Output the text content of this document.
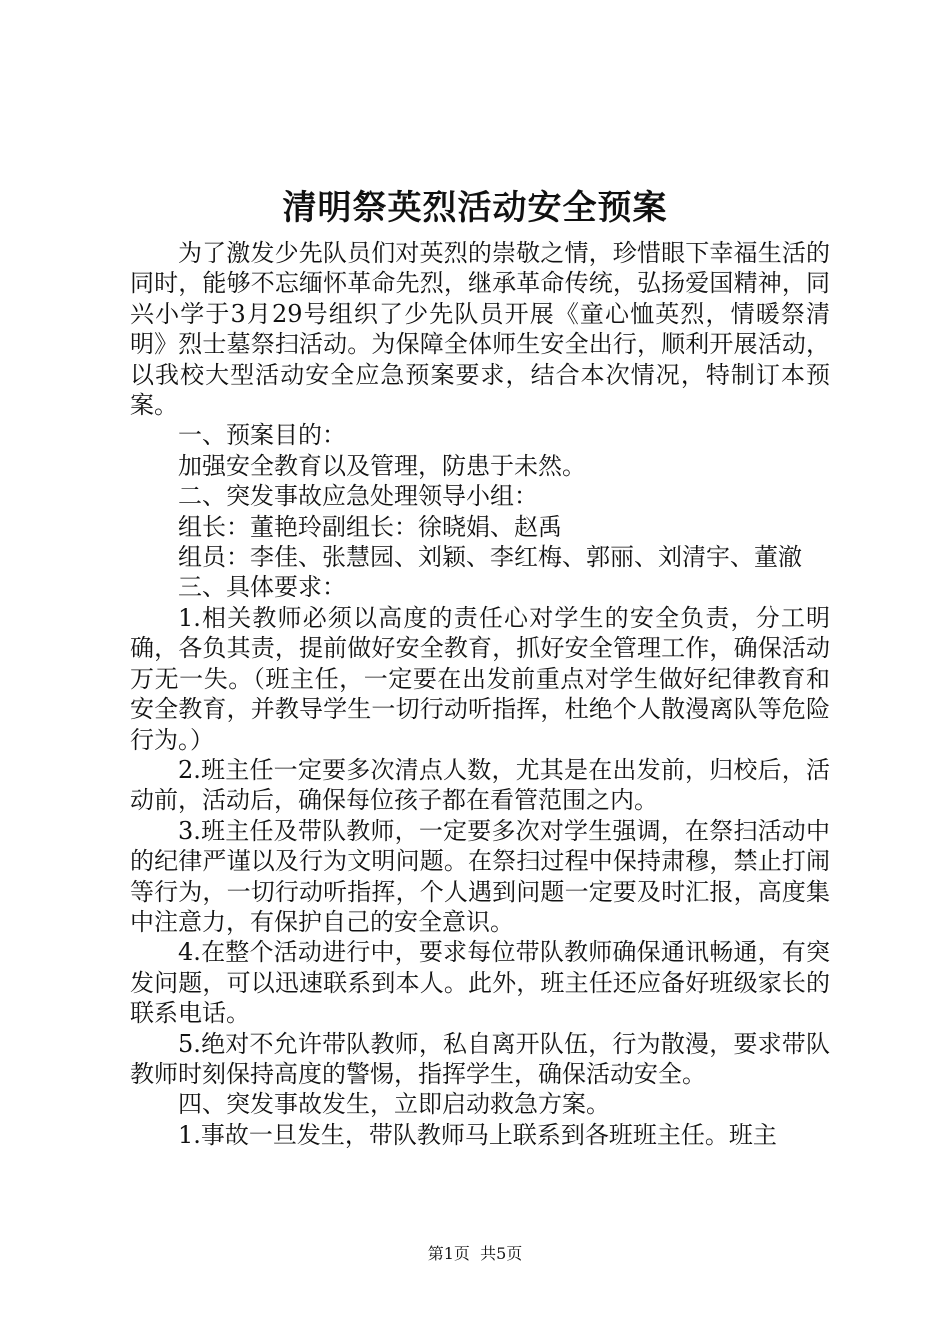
清明祭英烈活动安全预案

为了激发少先队员们对英烈的崇敬之情，珍惜眼下幸福生活的同时，能够不忘缅怀革命先烈，继承革命传统，弘扬爱国精神，同兴小学于3月29号组织了少先队员开展《童心恤英烈，情暖祭清明》烈士墓祭扫活动。为保障全体师生安全出行，顺利开展活动，以我校大型活动安全应急预案要求，结合本次情况，特制订本预案。

一、预案目的：

加强安全教育以及管理，防患于未然。

二、突发事故应急处理领导小组：

组长：董艳玲副组长：徐晓娟、赵禹

组员：李佳、张慧园、刘颖、李红梅、郭丽、刘清宇、董澈

三、具体要求：

1.相关教师必须以高度的责任心对学生的安全负责，分工明确，各负其责，提前做好安全教育，抓好安全管理工作，确保活动万无一失。（班主任，一定要在出发前重点对学生做好纪律教育和安全教育，并教导学生一切行动听指挥，杜绝个人散漫离队等危险行为。）

2.班主任一定要多次清点人数，尤其是在出发前，归校后，活动前，活动后，确保每位孩子都在看管范围之内。

3.班主任及带队教师，一定要多次对学生强调，在祭扫活动中的纪律严谨以及行为文明问题。在祭扫过程中保持肃穆，禁止打闹等行为，一切行动听指挥，个人遇到问题一定要及时汇报，高度集中注意力，有保护自己的安全意识。

4.在整个活动进行中，要求每位带队教师确保通讯畅通，有突发问题，可以迅速联系到本人。此外，班主任还应备好班级家长的联系电话。

5.绝对不允许带队教师，私自离开队伍，行为散漫，要求带队教师时刻保持高度的警惕，指挥学生，确保活动安全。

四、突发事故发生，立即启动救急方案。

1.事故一旦发生，带队教师马上联系到各班班主任。班主

第1页 共5页
